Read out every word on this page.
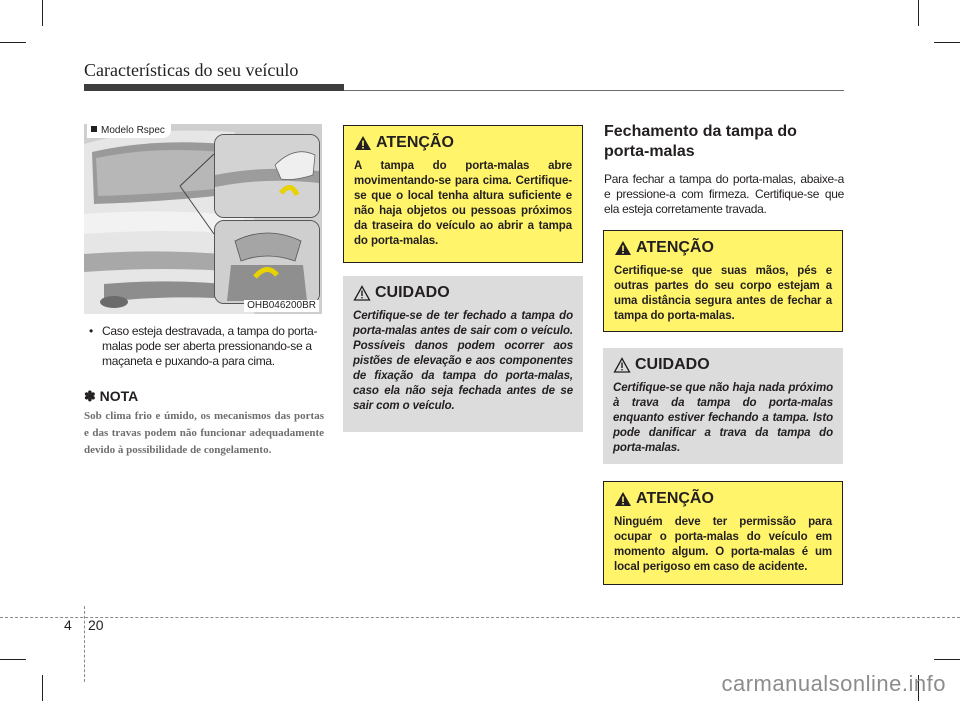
Características do seu veículo
Modelo Rspec
OHB046200BR
• Caso esteja destravada, a tampa do porta-malas pode ser aberta pressionando-se a maçaneta e puxando-a para cima.
✽ NOTA
Sob clima frio e úmido, os mecanismos das portas e das travas podem não funcionar adequadamente devido à possibilidade de congelamento.
ATENÇÃO
A tampa do porta-malas abre movimentando-se para cima. Certifique-se que o local tenha altura suficiente e não haja objetos ou pessoas próximos da traseira do veículo ao abrir a tampa do porta-malas.
CUIDADO
Certifique-se de ter fechado a tampa do porta-malas antes de sair com o veículo. Possíveis danos podem ocorrer aos pistões de elevação e aos componentes de fixação da tampa do porta-malas, caso ela não seja fechada antes de se sair com o veículo.
Fechamento da tampa do porta-malas
Para fechar a tampa do porta-malas, abaixe-a e pressione-a com firmeza. Certifique-se que ela esteja corretamente travada.
ATENÇÃO
Certifique-se que suas mãos, pés e outras partes do seu corpo estejam a uma distância segura antes de fechar a tampa do porta-malas.
CUIDADO
Certifique-se que não haja nada próximo à trava da tampa do porta-malas enquanto estiver fechando a tampa. Isto pode danificar a trava da tampa do porta-malas.
ATENÇÃO
Ninguém deve ter permissão para ocupar o porta-malas do veículo em momento algum. O porta-malas é um local perigoso em caso de acidente.
4 20
carmanualsonline.info
